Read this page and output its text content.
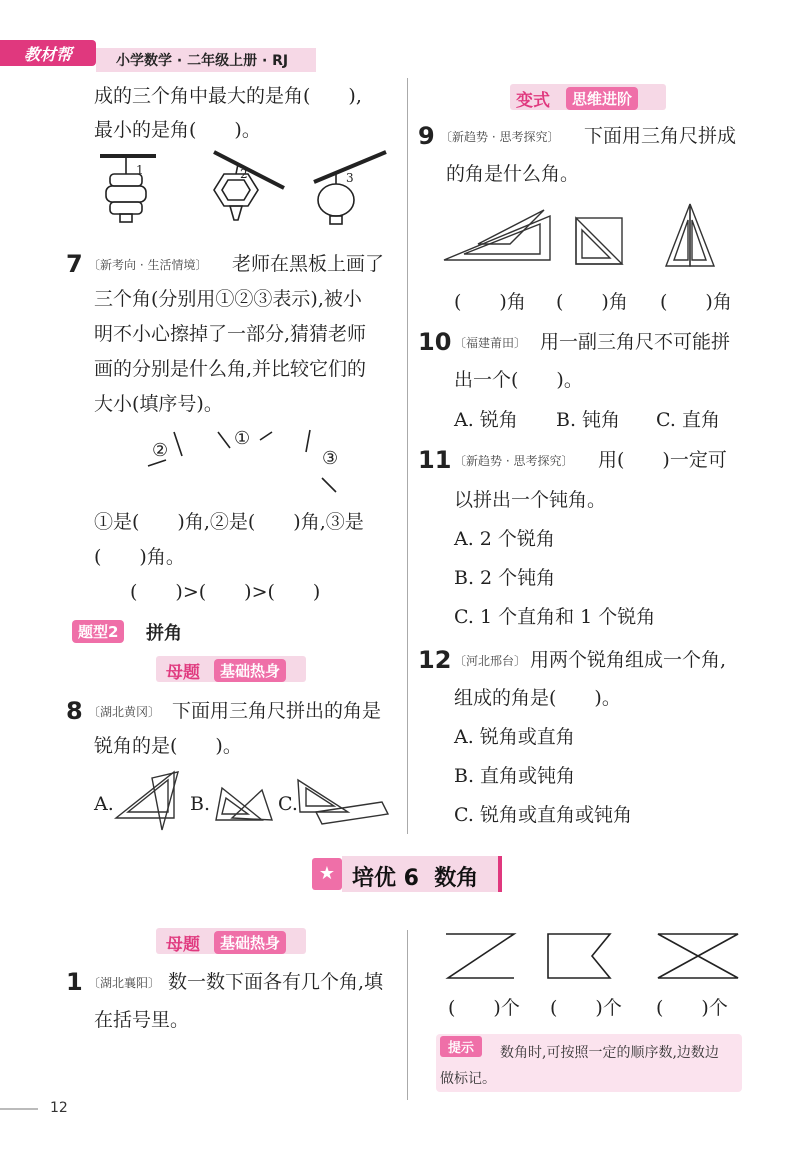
教材帮	小学数学 · 二年级上册 · RJ
成的三个角中最大的是角(　　),
最小的是角(　　)。
1	2	3
7 〔新考向 · 生活情境〕 老师在黑板上画了
三个角(分别用①②③表示),被小
明不小心擦掉了一部分,猜猜老师
画的分别是什么角,并比较它们的
大小(填序号)。
②
①
③
①是(　　)角,②是(　　)角,③是
(　　)角。
(　　)>(　　)>(　　)
题型2	拼角
母题	基础热身
8 〔湖北黄冈〕 下面用三角尺拼出的角是
锐角的是(　　)。
A.	B.	C.
变式	思维进阶
9 〔新趋势 · 思考探究〕 下面用三角尺拼成
的角是什么角。
(　　)角 (　　)角 (　　)角
10 〔福建莆田〕 用一副三角尺不可能拼
出一个(　　)。
A. 锐角 B. 钝角 C. 直角
11 〔新趋势 · 思考探究〕 用(　　)一定可
以拼出一个钝角。
A. 2 个锐角
B. 2 个钝角
C. 1 个直角和 1 个锐角
12 〔河北邢台〕 用两个锐角组成一个角,
组成的角是(　　)。
A. 锐角或直角
B. 直角或钝角
C. 锐角或直角或钝角
★ 培优 6  数角
母题	基础热身
1 〔湖北襄阳〕 数一数下面各有几个角,填
在括号里。
(　　)个 (　　)个 (　　)个
提示	数角时,可按照一定的顺序数,边数边
做标记。
12
